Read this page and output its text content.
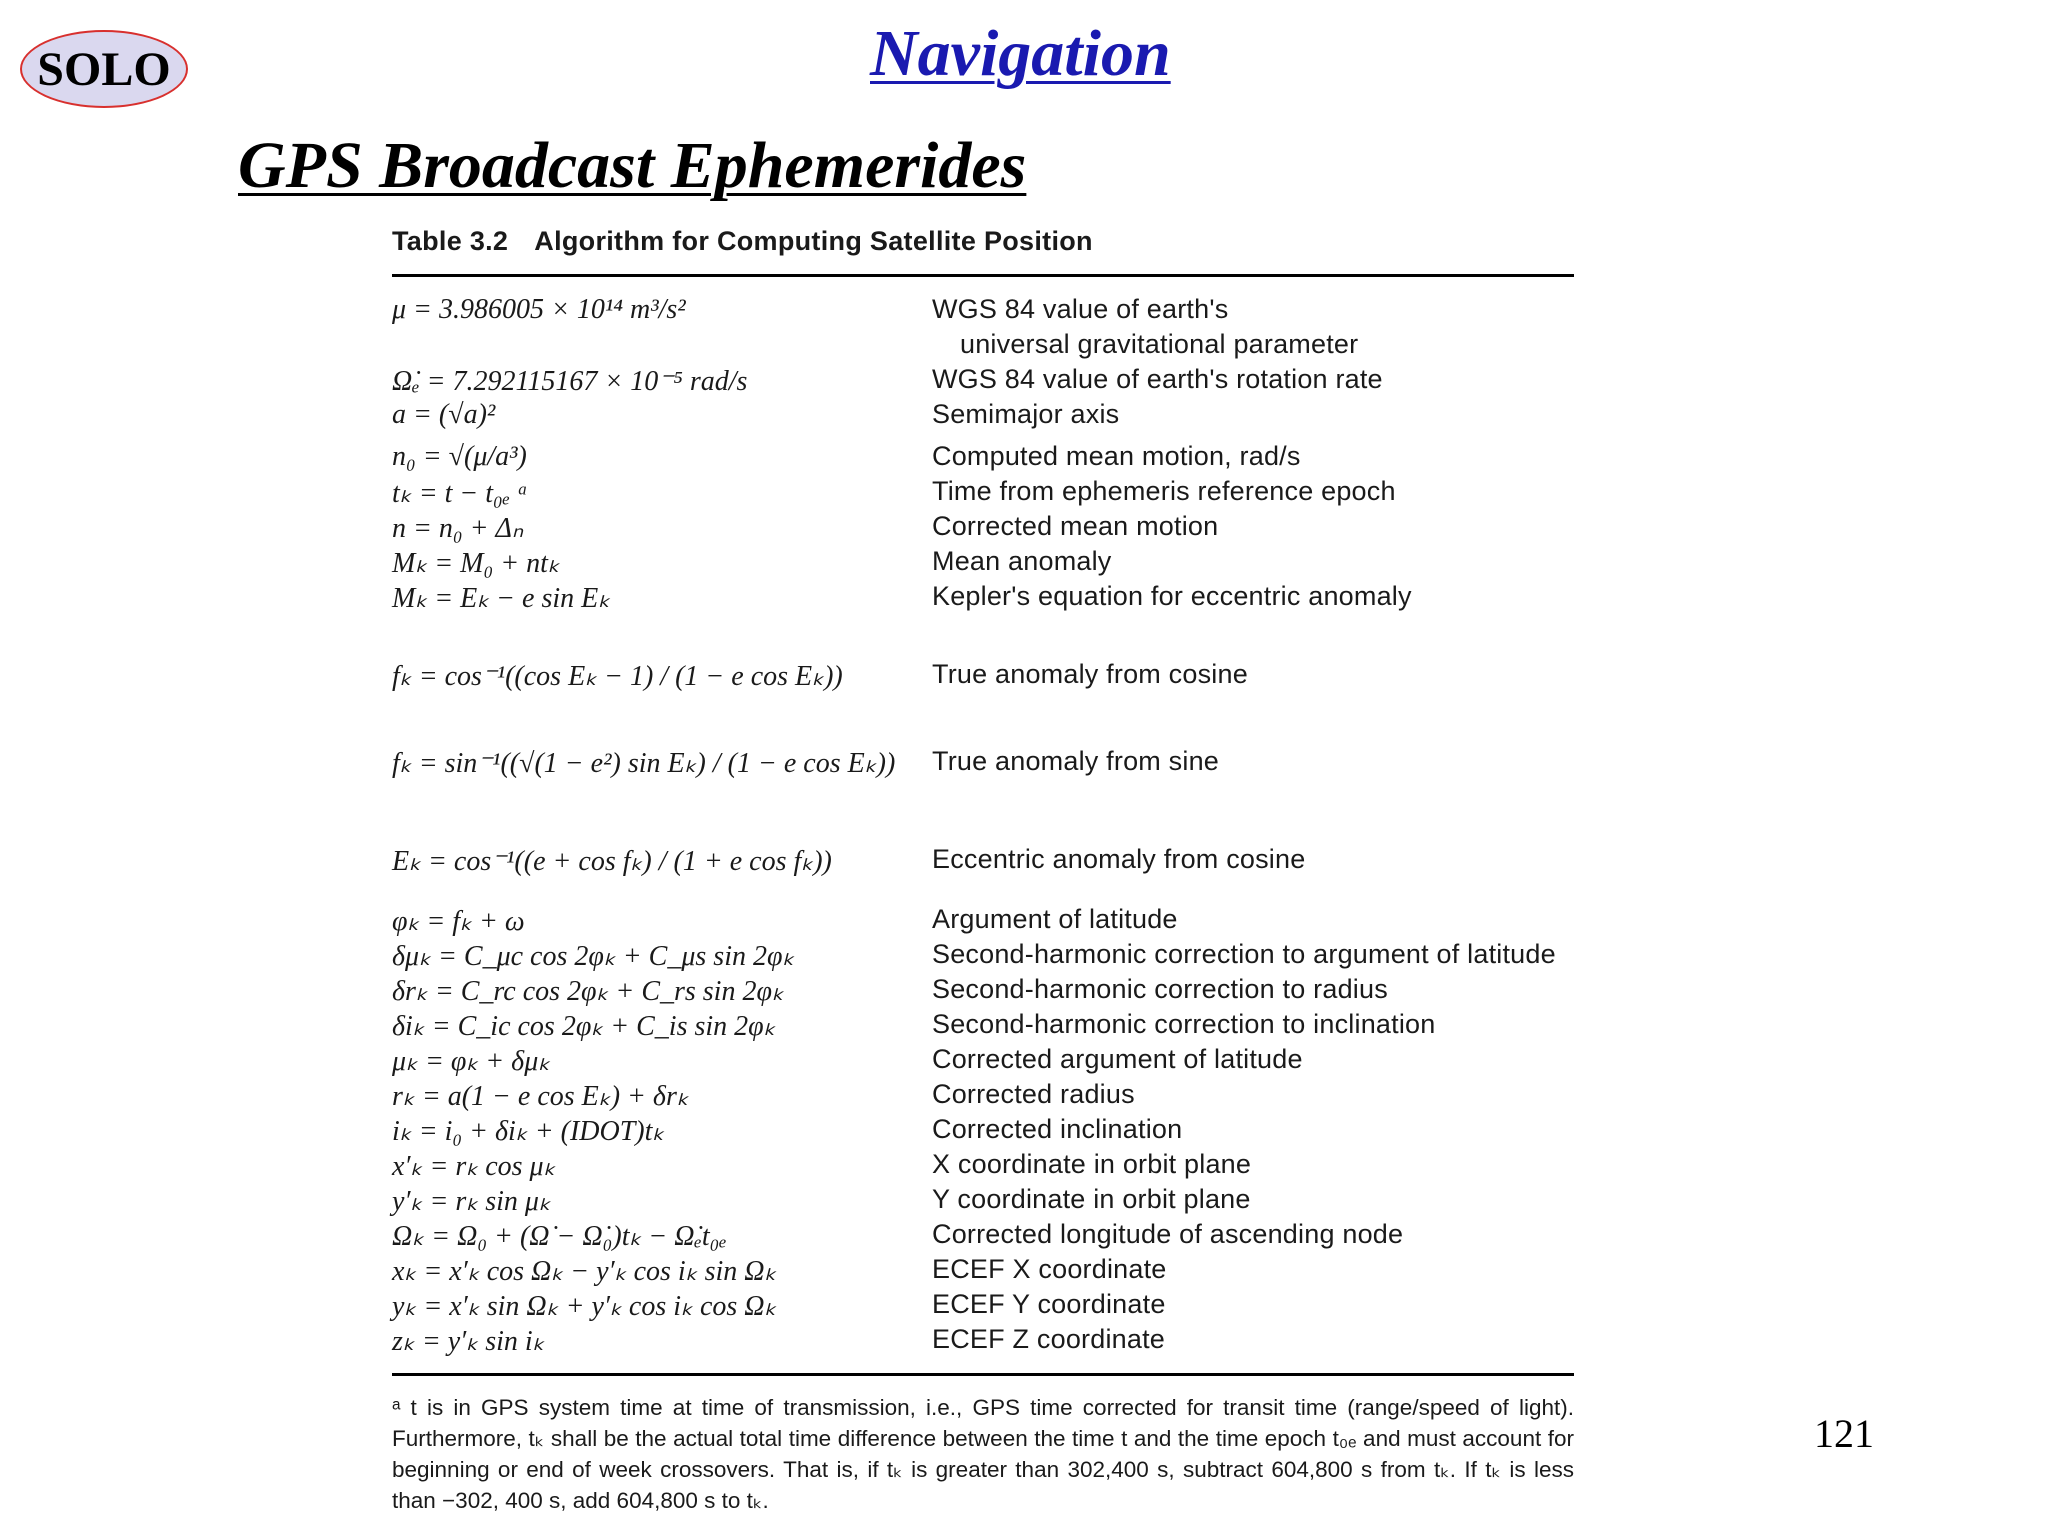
SOLO	Navigation
GPS Broadcast Ephemerides
Table 3.2 Algorithm for Computing Satellite Position
μ = 3.986005 × 10¹⁴ m³/s²	WGS 84 value of earth's
universal gravitational parameter
Ω̇ₑ = 7.292115167 × 10⁻⁵ rad/s	WGS 84 value of earth's rotation rate
a = (√a)²	Semimajor axis
n₀ = √(μ/a³)	Computed mean motion, rad/s
tₖ = t − t₀ₑ ᵃ	Time from ephemeris reference epoch
n = n₀ + Δₙ	Corrected mean motion
Mₖ = M₀ + ntₖ	Mean anomaly
Mₖ = Eₖ − e sin Eₖ	Kepler's equation for eccentric anomaly
fₖ = cos⁻¹((cos Eₖ − 1) / (1 − e cos Eₖ))	True anomaly from cosine
fₖ = sin⁻¹((√(1 − e²) sin Eₖ) / (1 − e cos Eₖ)) True anomaly from sine
Eₖ = cos⁻¹((e + cos fₖ) / (1 + e cos fₖ))	Eccentric anomaly from cosine
φₖ = fₖ + ω	Argument of latitude
δμₖ = C_μc cos 2φₖ + C_μs sin 2φₖ	Second-harmonic correction to argument of latitude
δrₖ = C_rc cos 2φₖ + C_rs sin 2φₖ	Second-harmonic correction to radius
δiₖ = C_ic cos 2φₖ + C_is sin 2φₖ	Second-harmonic correction to inclination
μₖ = φₖ + δμₖ	Corrected argument of latitude
rₖ = a(1 − e cos Eₖ) + δrₖ	Corrected radius
iₖ = i₀ + δiₖ + (IDOT)tₖ	Corrected inclination
x′ₖ = rₖ cos μₖ	X coordinate in orbit plane
y′ₖ = rₖ sin μₖ	Y coordinate in orbit plane
Ωₖ = Ω₀ + (Ω̇ − Ω̇₀)tₖ − Ω̇ₑt₀ₑ	Corrected longitude of ascending node
xₖ = x′ₖ cos Ωₖ − y′ₖ cos iₖ sin Ωₖ	ECEF X coordinate
yₖ = x′ₖ sin Ωₖ + y′ₖ cos iₖ cos Ωₖ	ECEF Y coordinate
zₖ = y′ₖ sin iₖ	ECEF Z coordinate
ᵃ t is in GPS system time at time of transmission, i.e., GPS time corrected for transit time (range/speed of light). Furthermore, tₖ shall be the actual total time difference between the time t and the time epoch t₀ₑ and must account for beginning or end of week crossovers. That is, if tₖ is greater than 302,400 s, subtract 604,800 s from tₖ. If tₖ is less than −302, 400 s, add 604,800 s to tₖ.
121
